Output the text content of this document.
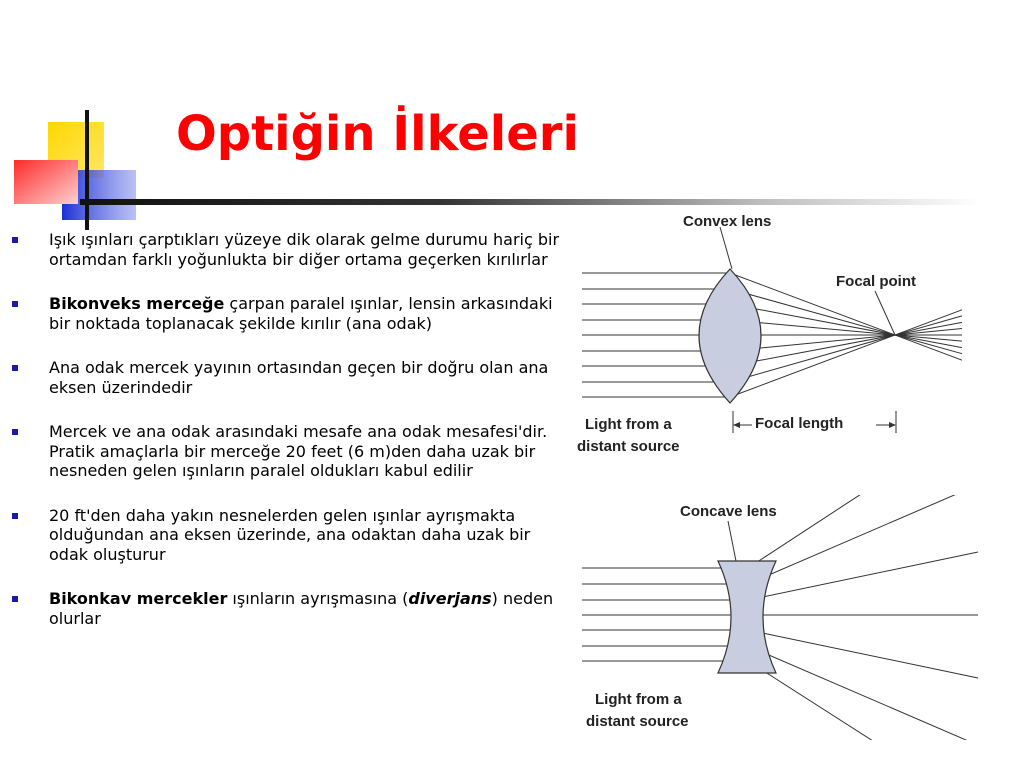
Optiğin İlkeleri
Işık ışınları çarptıkları yüzeye dik olarak gelme durumu hariç bir ortamdan farklı yoğunlukta bir diğer ortama geçerken kırılırlar
Bikonveks merceğe çarpan paralel ışınlar, lensin arkasındaki bir noktada toplanacak şekilde kırılır (ana odak)
Ana odak mercek yayının ortasından geçen bir doğru olan ana eksen üzerindedir
Mercek ve ana odak arasındaki mesafe ana odak mesafesi'dir. Pratik amaçlarla bir merceğe 20 feet (6 m)den daha uzak bir nesneden gelen ışınların paralel oldukları kabul edilir
20 ft'den daha yakın nesnelerden gelen ışınlar ayrışmakta olduğundan ana eksen üzerinde, ana odaktan daha uzak bir odak oluşturur
Bikonkav mercekler ışınların ayrışmasına (diverjans) neden olurlar
Convex lens
Focal point
Light from a
distant source
Focal length
Concave lens
Light from a
distant source
